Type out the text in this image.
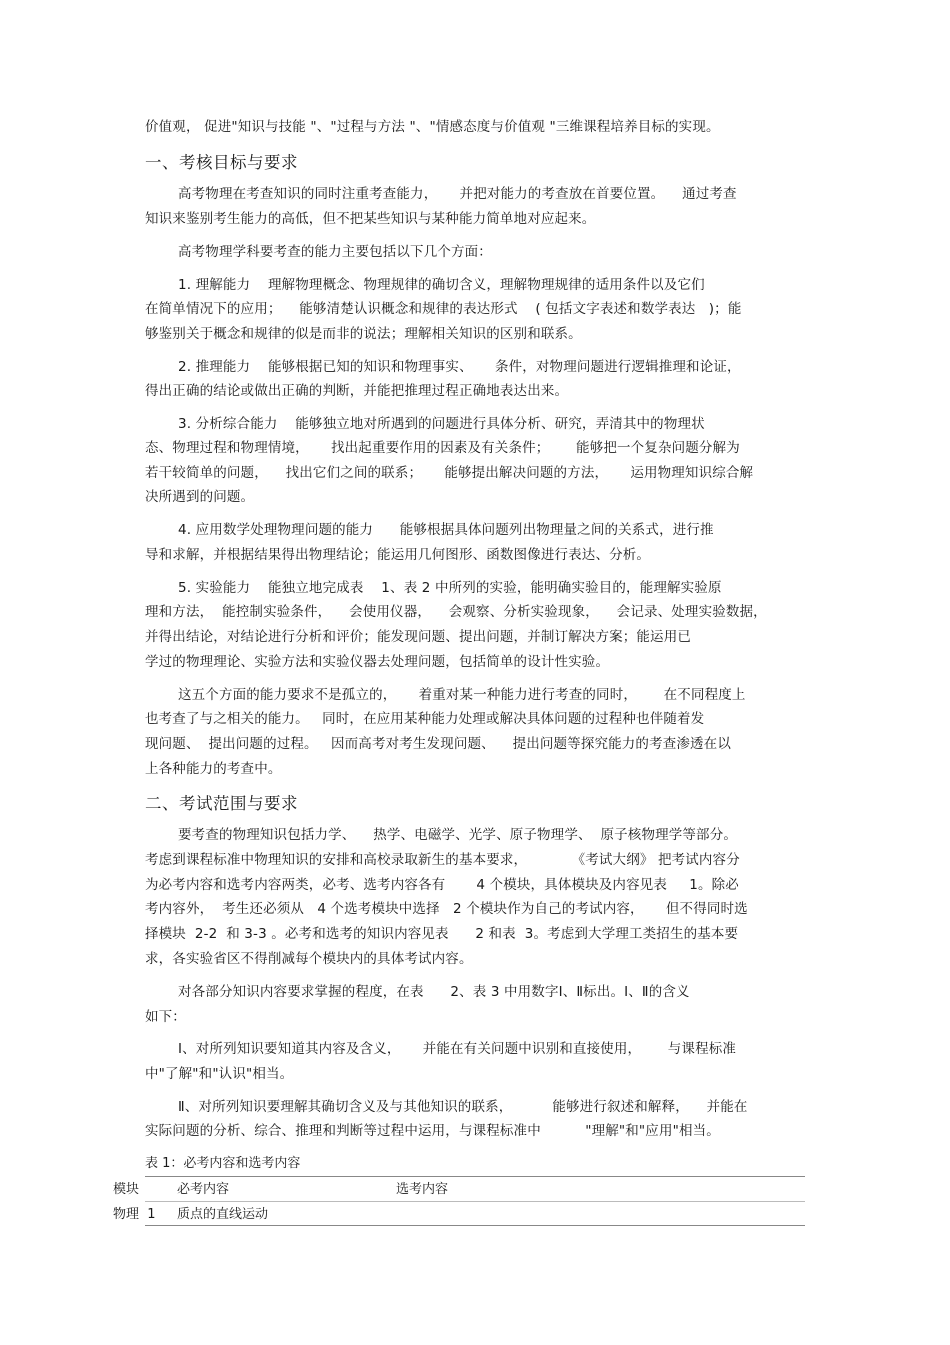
价值观， 促进"知识与技能 "、"过程与方法 "、"情感态度与价值观 "三维课程培养目标的实现。
一、考核目标与要求
高考物理在考查知识的同时注重考查能力，     并把对能力的考查放在首要位置。    通过考查
知识来鉴别考生能力的高低，但不把某些知识与某种能力简单地对应起来。
高考物理学科要考查的能力主要包括以下几个方面：
1. 理解能力    理解物理概念、物理规律的确切含义，理解物理规律的适用条件以及它们
在简单情况下的应用；    能够清楚认识概念和规律的表达形式    ( 包括文字表述和数学表达   )；能
够鉴别关于概念和规律的似是而非的说法；理解相关知识的区别和联系。
2. 推理能力    能够根据已知的知识和物理事实、     条件，对物理问题进行逻辑推理和论证，
得出正确的结论或做出正确的判断，并能把推理过程正确地表达出来。
3. 分析综合能力    能够独立地对所遇到的问题进行具体分析、研究，弄清其中的物理状
态、物理过程和物理情境，     找出起重要作用的因素及有关条件；      能够把一个复杂问题分解为
若干较简单的问题，    找出它们之间的联系；     能够提出解决问题的方法，     运用物理知识综合解
决所遇到的问题。
4. 应用数学处理物理问题的能力      能够根据具体问题列出物理量之间的关系式，进行推
导和求解，并根据结果得出物理结论；能运用几何图形、函数图像进行表达、分析。
5. 实验能力    能独立地完成表    1、表 2 中所列的实验，能明确实验目的，能理解实验原
理和方法，  能控制实验条件，    会使用仪器，    会观察、分析实验现象，    会记录、处理实验数据，
并得出结论，对结论进行分析和评价；能发现问题、提出问题，并制订解决方案；能运用已
学过的物理理论、实验方法和实验仪器去处理问题，包括简单的设计性实验。
这五个方面的能力要求不是孤立的，     着重对某一种能力进行考查的同时，      在不同程度上
也考查了与之相关的能力。   同时，在应用某种能力处理或解决具体问题的过程种也伴随着发
现问题、  提出问题的过程。   因而高考对考生发现问题、    提出问题等探究能力的考查渗透在以
上各种能力的考查中。
二、考试范围与要求
要考查的物理知识包括力学、    热学、电磁学、光学、原子物理学、  原子核物理学等部分。
考虑到课程标准中物理知识的安排和高校录取新生的基本要求，          《考试大纲》 把考试内容分
为必考内容和选考内容两类，必考、选考内容各有       4 个模块，具体模块及内容见表     1。除必
考内容外，  考生还必须从   4 个选考模块中选择   2 个模块作为自己的考试内容，     但不得同时选
择模块  2-2  和 3-3 。必考和选考的知识内容见表      2 和表  3。考虑到大学理工类招生的基本要
求，各实验省区不得削减每个模块内的具体考试内容。
对各部分知识内容要求掌握的程度，在表      2、表 3 中用数字Ⅰ、Ⅱ标出。Ⅰ、Ⅱ的含义
如下：
Ⅰ、对所列知识要知道其内容及含义，     并能在有关问题中识别和直接使用，      与课程标准
中"了解"和"认识"相当。
Ⅱ、对所列知识要理解其确切含义及与其他知识的联系，         能够进行叙述和解释，    并能在
实际问题的分析、综合、推理和判断等过程中运用，与课程标准中          "理解"和"应用"相当。
表 1：必考内容和选考内容
模块	必考内容	选考内容
物理  1 质点的直线运动
